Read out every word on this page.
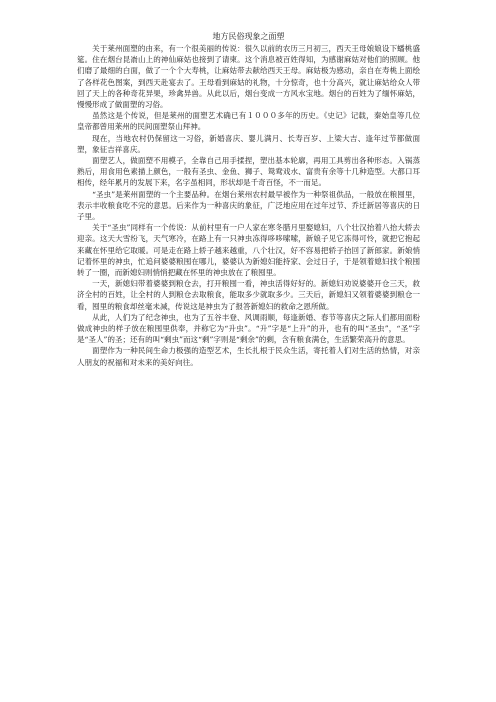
地方民俗现象之面塑

关于莱州面塑的由来，有一个很美丽的传说：很久以前的农历三月初三，西天王母娘娘设下蟠桃盛筵。住在烟台昆嵛山上的神仙麻姑也接到了请柬。这个消息被百姓得知，为感谢麻姑对他们的照顾。他们磨了最细的白面，做了一个个大寿桃，让麻姑带去献给西天王母。麻姑极为感动，亲自在寿桃上面绘了各样花色图案，到西天赴宴去了。王母看到麻姑的礼物，十分惊奇，也十分高兴，就让麻姑给众人带回了天上的各种奇花异果，珍禽异兽。从此以后，烟台变成一方风水宝地。烟台的百姓为了缅怀麻姑，慢慢形成了做面塑的习俗。

虽然这是个传说，但是莱州的面塑艺术确已有１０００多年的历史。《史记》记载，秦始皇等几位皇帝都曾用莱州的民间面塑祭山拜神。

现在，当地农村仍保留这一习俗，新婚喜庆、婴儿满月、长寿百岁、上梁大吉、逢年过节都做面塑，象征吉祥喜庆。

面塑艺人，做面塑不用模子，全靠自己用手揉捏，塑出基本轮廓，再用工具剪出各种形态。入锅蒸熟后，用食用色素描上颜色，一般有圣虫、金鱼、狮子、鸳鸯戏水、富贵有余等十几种造型。大都口耳相传，经年累月的发展下来，名字虽相同，形状却是千奇百怪，不一而足。

“圣虫”是莱州面塑的一个主要品种。在烟台莱州农村最早被作为一种祭祖供品，一般放在粮囤里，表示丰收粮食吃不完的意思。后来作为一种喜庆的象征，广泛地应用在过年过节、乔迁新居等喜庆的日子里。

关于“圣虫”同样有一个传说：从前村里有一户人家在寒冬腊月里娶媳妇，八个壮汉抬着八抬大轿去迎亲。这天大雪纷飞，天气寒冷，在路上有一只神虫冻得哆哆嗦嗦，新娘子见它冻得可怜，就把它抱起来藏在怀里给它取暖。可是走在路上轿子越来越重，八个壮汉，好不容易把轿子抬回了新郎家。新娘悄记着怀里的神虫，忙追问婆婆粮囤在哪儿，婆婆认为新媳妇能持家、会过日子，于是领着媳妇找个粮囤转了一圈，而新媳妇则悄悄把藏在怀里的神虫放在了粮囤里。

一天，新媳妇带着婆婆到粮仓去，打开粮囤一看，神虫活得好好的。新媳妇劝说婆婆开仓三天，救济全村的百姓，让全村的人到粮仓去取粮食，能取多少就取多少。三天后，新媳妇又领着婆婆到粮仓一看，囤里的粮食却丝毫未减，传说这是神虫为了报答新媳妇的救命之恩所做。

从此，人们为了纪念神虫，也为了五谷丰登、风调雨顺，每逢新婚、春节等喜庆之际人们都用面粉做成神虫的样子放在粮囤里供奉，并称它为“升虫”。“升”字是“上升”的升，也有的叫“圣虫”，“圣”字是“圣人”的圣；还有的叫“剩虫”而这“剩”字则是“剩余”的剩，含有粮食满仓，生活繁荣高升的意思。

面塑作为一种民间生命力极强的造型艺术，生长扎根于民众生活，寄托着人们对生活的热情，对亲人朋友的祝福和对未来的美好向往。
